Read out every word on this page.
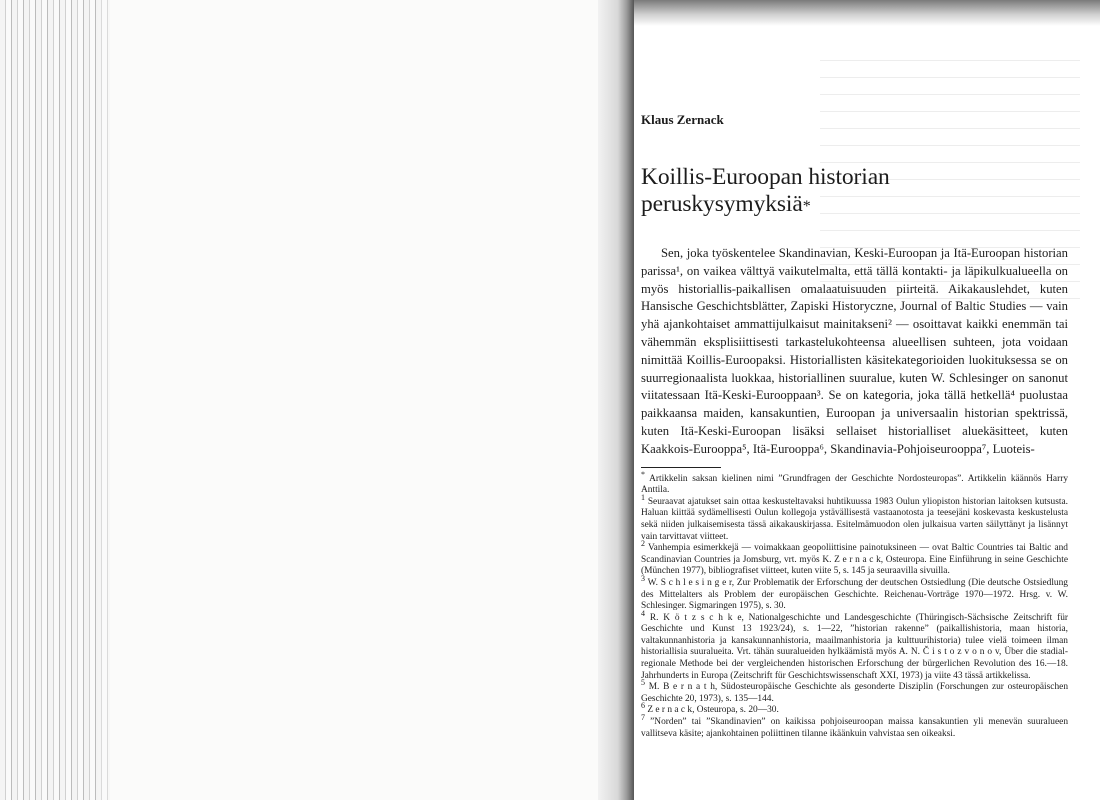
Klaus Zernack

Koillis-Euroopan historian
peruskysymyksiä*

Sen, joka työskentelee Skandinavian, Keski-Euroopan ja Itä-Euroopan historian parissa¹, on vaikea välttyä vaikutelmalta, että tällä kontakti- ja läpikulkualueella on myös historiallis-paikallisen omalaatuisuuden piirteitä. Aikakauslehdet, kuten Hansische Geschichtsblätter, Zapiski Historyczne, Journal of Baltic Studies — vain yhä ajankohtaiset ammattijulkaisut mainitakseni² — osoittavat kaikki enemmän tai vähemmän eksplisiittisesti tarkastelukohteensa alueellisen suhteen, jota voidaan nimittää Koillis-Euroopaksi. Historiallisten käsitekategorioiden luokituksessa se on suurregionaalista luokkaa, historiallinen suuralue, kuten W. Schlesinger on sanonut viitatessaan Itä-Keski-Eurooppaan³. Se on kategoria, joka tällä hetkellä⁴ puolustaa paikkaansa maiden, kansakuntien, Euroopan ja universaalin historian spektrissä, kuten Itä-Keski-Euroopan lisäksi sellaiset historialliset aluekäsitteet, kuten Kaakkois-Eurooppa⁵, Itä-Eurooppa⁶, Skandinavia-Pohjoiseurooppa⁷, Luoteis-

* Artikkelin saksan kielinen nimi ”Grundfragen der Geschichte Nordosteuropas”. Artikkelin käännös Harry Anttila.

1 Seuraavat ajatukset sain ottaa keskusteltavaksi huhtikuussa 1983 Oulun yliopiston historian laitoksen kutsusta. Haluan kiittää sydämellisesti Oulun kollegoja ystävällisestä vastaanotosta ja teesejäni koskevasta keskustelusta sekä niiden julkaisemisesta tässä aikakauskirjassa. Esitelmämuodon olen julkaisua varten säilyttänyt ja lisännyt vain tarvittavat viitteet.

2 Vanhempia esimerkkejä — voimakkaan geopoliittisine painotuksineen — ovat Baltic Countries tai Baltic and Scandinavian Countries ja Jomsburg, vrt. myös K. Z e r n a c k, Osteuropa. Eine Einführung in seine Geschichte (München 1977), bibliografiset viitteet, kuten viite 5, s. 145 ja seuraavilla sivuilla.

3 W. S c h l e s i n g e r, Zur Problematik der Erforschung der deutschen Ostsiedlung (Die deutsche Ostsiedlung des Mittelalters als Problem der europäischen Geschichte. Reichenau-Vorträge 1970—1972. Hrsg. v. W. Schlesinger. Sigmaringen 1975), s. 30.

4 R. K ö t z s c h k e, Nationalgeschichte und Landesgeschichte (Thüringisch-Sächsische Zeitschrift für Geschichte und Kunst 13 1923/24), s. 1—22, ”historian rakenne” (paikallishistoria, maan historia, valtakunnanhistoria ja kansakunnanhistoria, maailmanhistoria ja kulttuurihistoria) tulee vielä toimeen ilman historiallisia suuralueita. Vrt. tähän suuralueiden hylkäämistä myös A. N. Č i s t o z v o n o v, Über die stadial-regionale Methode bei der vergleichenden historischen Erforschung der bürgerlichen Revolution des 16.—18. Jahrhunderts in Europa (Zeitschrift für Geschichtswissenschaft XXI, 1973) ja viite 43 tässä artikkelissa.

5 M. B e r n a t h, Südosteuropäische Geschichte als gesonderte Disziplin (Forschungen zur osteuropäischen Geschichte 20, 1973), s. 135—144.

6 Z e r n a c k, Osteuropa, s. 20—30.

7 ”Norden” tai ”Skandinavien” on kaikissa pohjoiseuroopan maissa kansakuntien yli menevän suuralueen vallitseva käsite; ajankohtainen poliittinen tilanne ikäänkuin vahvistaa sen oikeaksi.
